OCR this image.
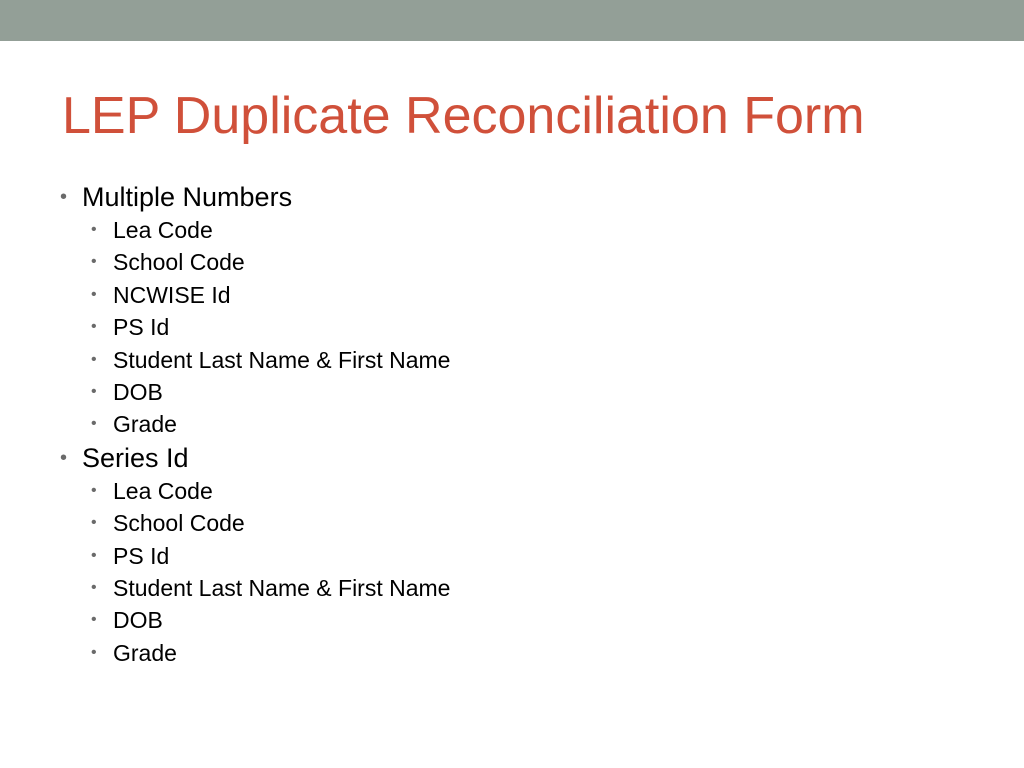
LEP Duplicate Reconciliation Form
• Multiple Numbers
• Lea Code
• School Code
• NCWISE Id
• PS Id
• Student Last Name & First Name
• DOB
• Grade
• Series Id
• Lea Code
• School Code
• PS Id
• Student Last Name & First Name
• DOB
• Grade
